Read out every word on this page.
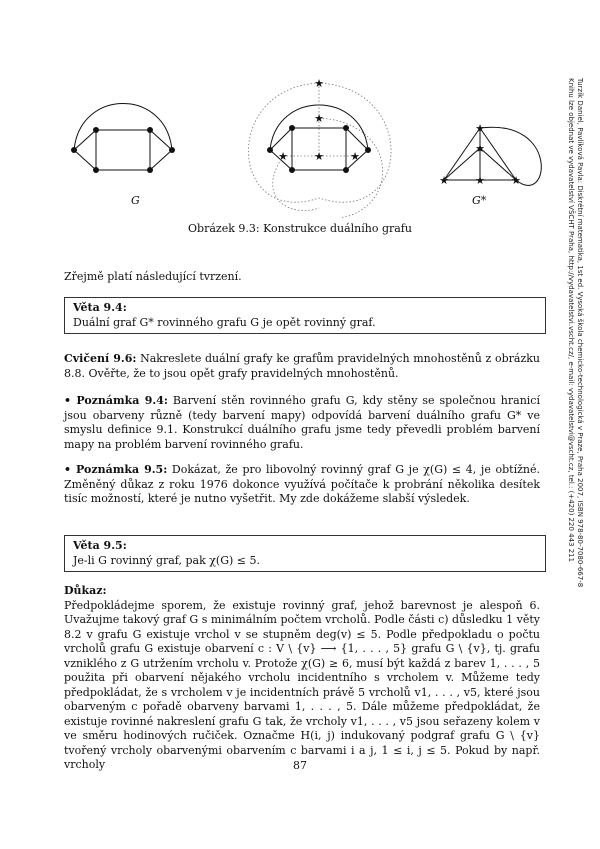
★
★
★ ★ ★
★
★
★ ★ ★
G	G*
Obrázek 9.3: Konstrukce duálního grafu
Zřejmě platí následující tvrzení.
Věta 9.4:
Duální graf G* rovinného grafu G je opět rovinný graf.
Cvičení 9.6: Nakreslete duální grafy ke grafům pravidelných mnohostěnů z obrázku 8.8. Ověřte, že to jsou opět grafy pravidelných mnohostěnů.
• Poznámka 9.4: Barvení stěn rovinného grafu G, kdy stěny se společnou hranicí jsou obarveny různě (tedy barvení mapy) odpovídá barvení duálního grafu G* ve smyslu definice 9.1. Konstrukcí duálního grafu jsme tedy převedli problém barvení mapy na problém barvení rovinného grafu.
• Poznámka 9.5: Dokázat, že pro libovolný rovinný graf G je χ(G) ≤ 4, je obtížné. Změněný důkaz z roku 1976 dokonce využívá počítače k probrání několika desítek tisíc možností, které je nutno vyšetřit. My zde dokážeme slabší výsledek.
Věta 9.5:
Je-li G rovinný graf, pak χ(G) ≤ 5.
Důkaz:
Předpokládejme sporem, že existuje rovinný graf, jehož barevnost je alespoň 6. Uvažujme takový graf G s minimálním počtem vrcholů. Podle části c) důsledku 1 věty 8.2 v grafu G existuje vrchol v se stupněm deg(v) ≤ 5. Podle předpokladu o počtu vrcholů grafu G existuje obarvení c : V \ {v} ⟶ {1, . . . , 5} grafu G \ {v}, tj. grafu vzniklého z G utržením vrcholu v. Protože χ(G) ≥ 6, musí být každá z barev 1, . . . , 5 použita při obarvení nějakého vrcholu incidentního s vrcholem v. Můžeme tedy předpokládat, že s vrcholem v je incidentních právě 5 vrcholů v1, . . . , v5, které jsou obarveným c pořadě obarveny barvami 1, . . . , 5. Dále můžeme předpokládat, že existuje rovinné nakreslení grafu G tak, že vrcholy v1, . . . , v5 jsou seřazeny kolem v ve směru hodinových ručiček. Označme H(i, j) indukovaný podgraf grafu G \ {v} tvořený vrcholy obarvenými obarvením c barvami i a j, 1 ≤ i, j ≤ 5. Pokud by např. vrcholy	87
Turzík Daniel, Pavlíková Pavla: Diskrétní matematika, 1st ed. Vysoká škola chemicko-technologická v Praze, Praha 2007, ISBN 978-80-7080-667-8
Knihu lze objednat ve vydavatelství VŠCHT Praha, http://vydavatelstvi.vscht.cz/, e-mail: vydavatelstvi@vscht.cz, tel.: (+420) 220 443 211
